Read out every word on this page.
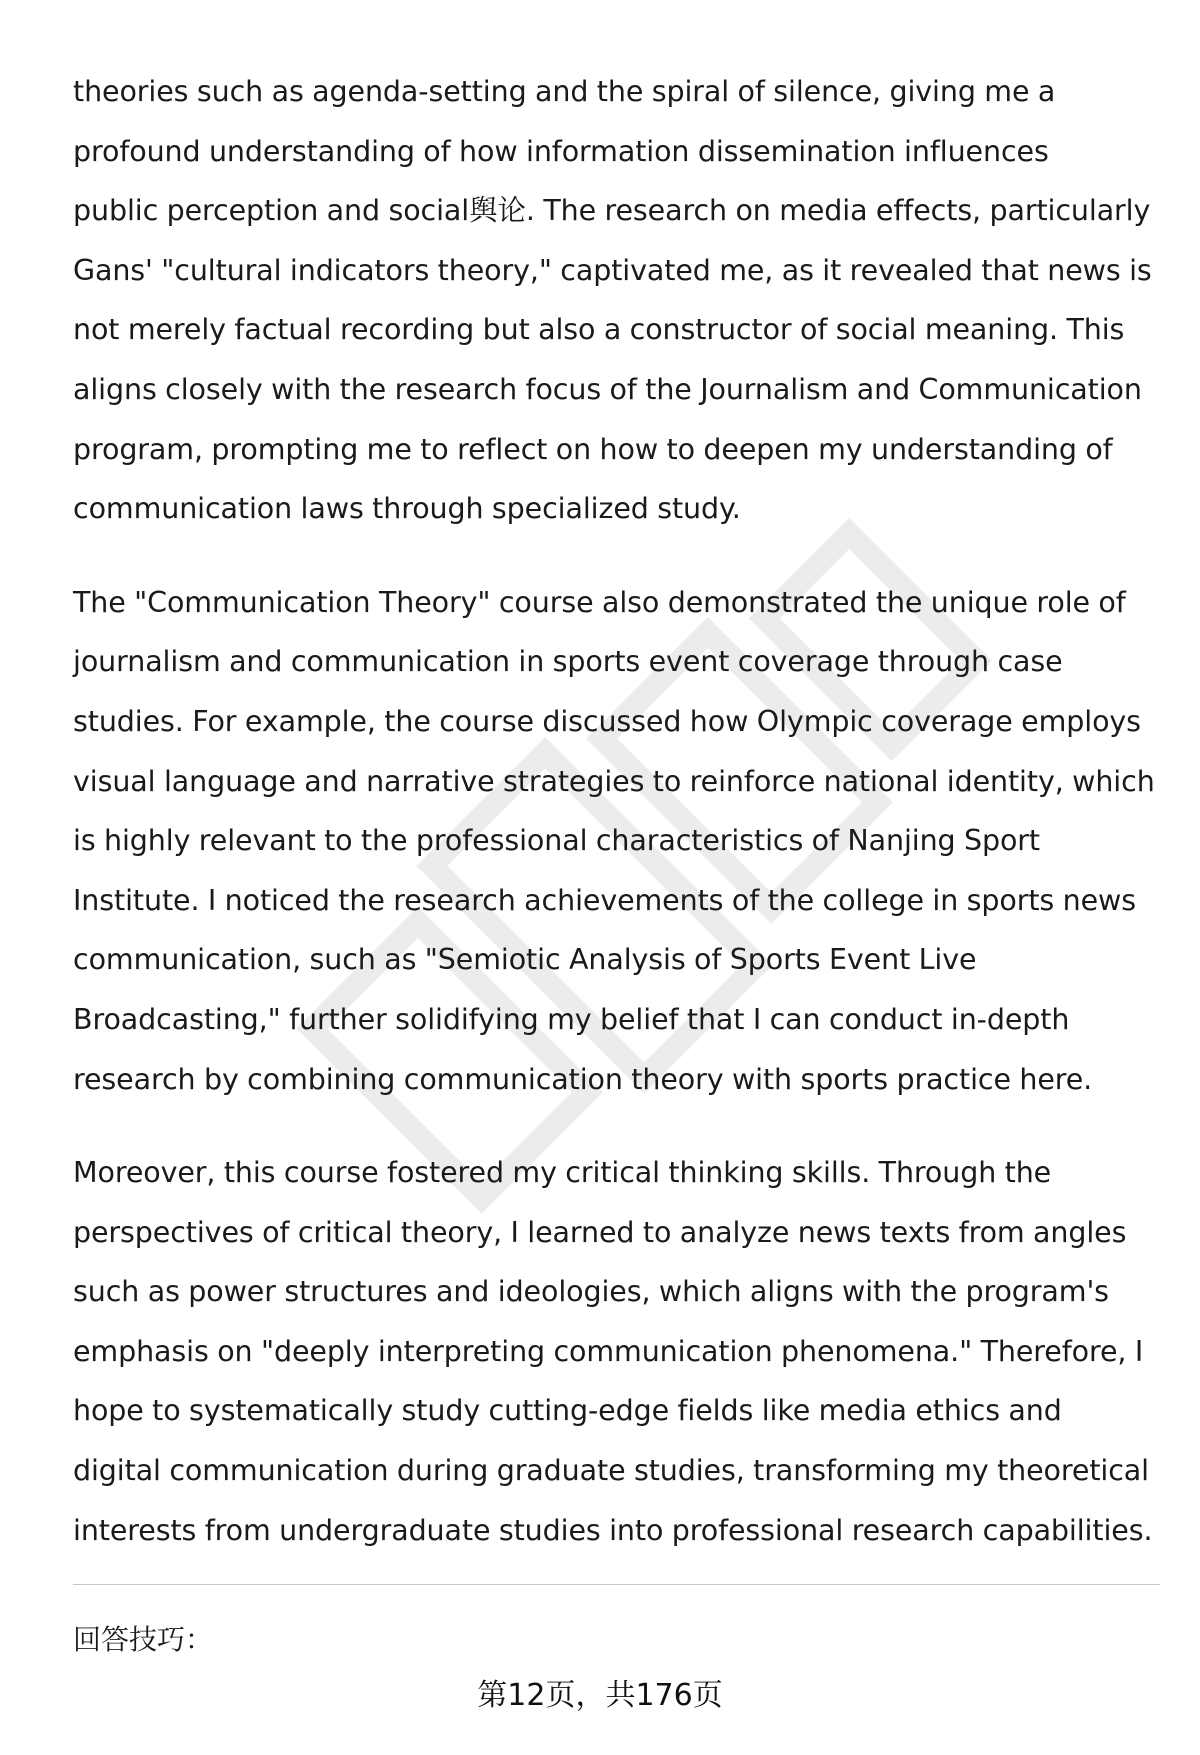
theories such as agenda-setting and the spiral of silence, giving me a
profound understanding of how information dissemination influences
public perception and social舆论. The research on media effects, particularly
Gans' "cultural indicators theory," captivated me, as it revealed that news is
not merely factual recording but also a constructor of social meaning. This
aligns closely with the research focus of the Journalism and Communication
program, prompting me to reflect on how to deepen my understanding of
communication laws through specialized study.

The "Communication Theory" course also demonstrated the unique role of
journalism and communication in sports event coverage through case
studies. For example, the course discussed how Olympic coverage employs
visual language and narrative strategies to reinforce national identity, which
is highly relevant to the professional characteristics of Nanjing Sport
Institute. I noticed the research achievements of the college in sports news
communication, such as "Semiotic Analysis of Sports Event Live
Broadcasting," further solidifying my belief that I can conduct in-depth
research by combining communication theory with sports practice here.

Moreover, this course fostered my critical thinking skills. Through the
perspectives of critical theory, I learned to analyze news texts from angles
such as power structures and ideologies, which aligns with the program's
emphasis on "deeply interpreting communication phenomena." Therefore, I
hope to systematically study cutting-edge fields like media ethics and
digital communication during graduate studies, transforming my theoretical
interests from undergraduate studies into professional research capabilities.

回答技巧：
第12页，共176页
